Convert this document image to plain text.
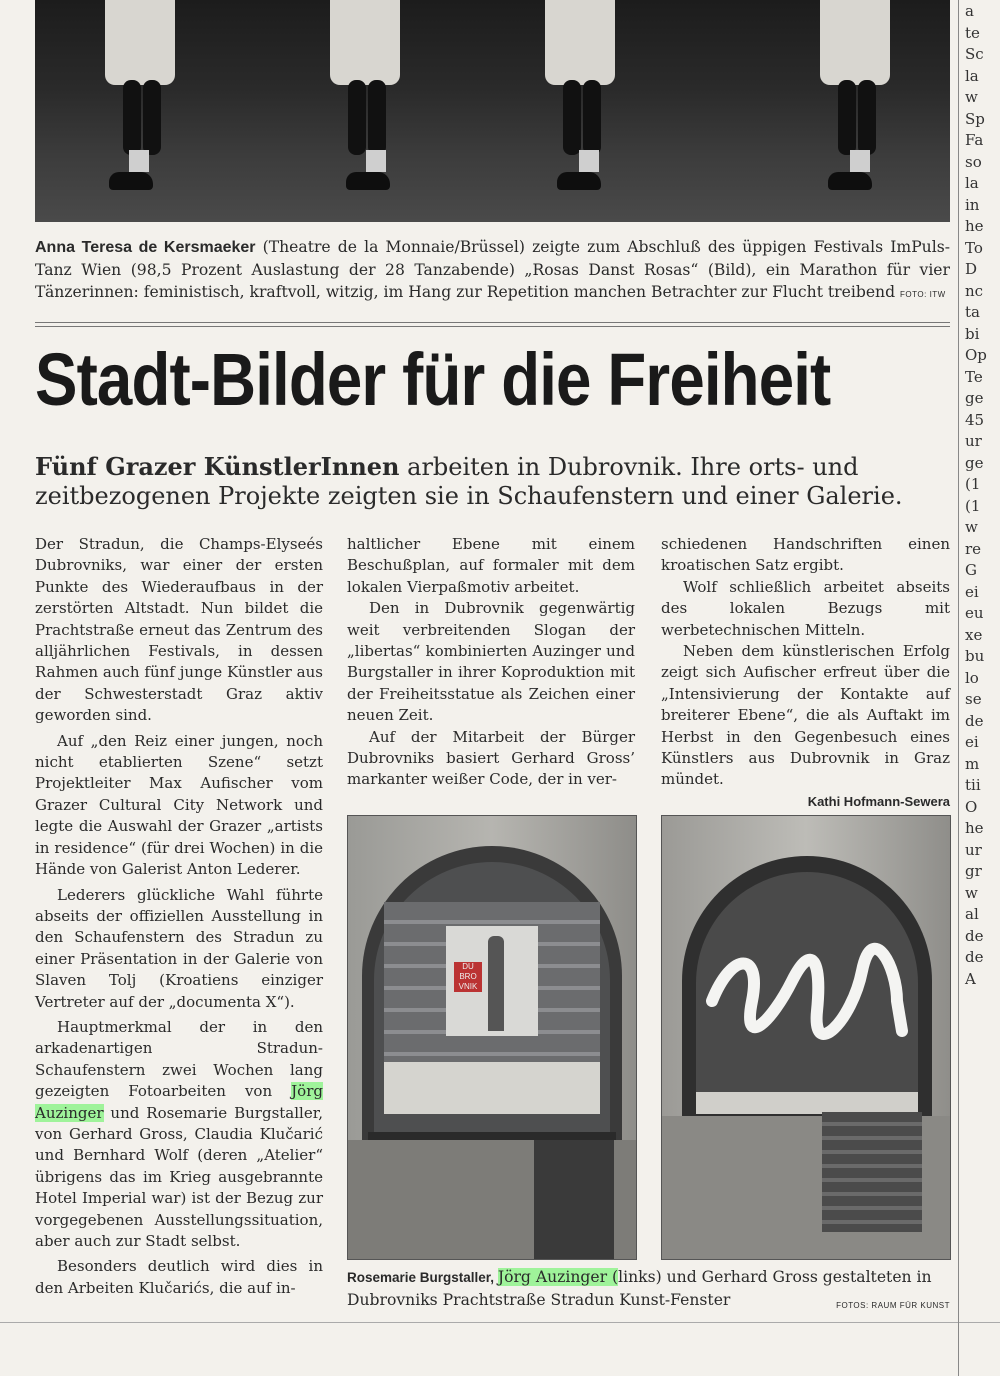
Anna Teresa de Kersmaeker (Theatre de la Monnaie/Brüssel) zeigte zum Abschluß des üppigen Festivals ImPuls-Tanz Wien (98,5 Prozent Auslastung der 28 Tanzabende) „Rosas Danst Rosas“ (Bild), ein Marathon für vier Tänzerinnen: feministisch, kraftvoll, witzig, im Hang zur Repetition manchen Betrachter zur Flucht treibend FOTO: ITW
Stadt-Bilder für die Freiheit
Fünf Grazer KünstlerInnen arbeiten in Dubrovnik. Ihre orts- und zeitbezogenen Projekte zeigten sie in Schaufenstern und einer Galerie.

Der Stradun, die Champs-Elyseés Dubrovniks, war einer der ersten Punkte des Wiederaufbaus in der zerstörten Altstadt. Nun bildet die Prachtstraße erneut das Zentrum des alljährlichen Festivals, in dessen Rahmen auch fünf junge Künstler aus der Schwesterstadt Graz aktiv geworden sind.

Auf „den Reiz einer jungen, noch nicht etablierten Szene“ setzt Projektleiter Max Aufischer vom Grazer Cultural City Network und legte die Auswahl der Grazer „artists in residence“ (für drei Wochen) in die Hände von Galerist Anton Lederer.

Lederers glückliche Wahl führte abseits der offiziellen Ausstellung in den Schaufenstern des Stradun zu einer Präsentation in der Galerie von Slaven Tolj (Kroatiens einziger Vertreter auf der „documenta X“).

Hauptmerkmal der in den arkadenartigen Stradun-Schaufenstern zwei Wochen lang gezeigten Fotoarbeiten von Jörg Auzinger und Rosemarie Burgstaller, von Gerhard Gross, Claudia Klučarić und Bernhard Wolf (deren „Atelier“ übrigens das im Krieg ausgebrannte Hotel Imperial war) ist der Bezug zur vorgegebenen Ausstellungssituation, aber auch zur Stadt selbst.

Besonders deutlich wird dies in den Arbeiten Klučarićs, die auf in-

haltlicher Ebene mit einem Beschußplan, auf formaler mit dem lokalen Vierpaßmotiv arbeitet.

Den in Dubrovnik gegenwärtig weit verbreitenden Slogan der „libertas“ kombinierten Auzinger und Burgstaller in ihrer Koproduktion mit der Freiheitsstatue als Zeichen einer neuen Zeit.

Auf der Mitarbeit der Bürger Dubrovniks basiert Gerhard Gross’ markanter weißer Code, der in ver-

schiedenen Handschriften einen kroatischen Satz ergibt.

Wolf schließlich arbeitet abseits des lokalen Bezugs mit werbetechnischen Mitteln.

Neben dem künstlerischen Erfolg zeigt sich Aufischer erfreut über die „Intensivierung der Kontakte auf breiterer Ebene“, die als Auftakt im Herbst in den Gegenbesuch eines Künstlers aus Dubrovnik in Graz mündet.

Kathi Hofmann-Sewera
DU BRO VNIK
Rosemarie Burgstaller, Jörg Auzinger (links) und Gerhard Gross gestalteten in Dubrovniks Prachtstraße Stradun Kunst-Fenster	FOTOS: RAUM FÜR KUNST
a
te
Sc
la
w
Sp
Fa
so
la
in
he
To
D
nc
ta
bi
Op
Te
ge
45
ur
ge
(1
(1
w
re
G
ei
eu
xe
bu
lo
se
de
ei
m
tii
O
he
ur
gr
w
al
de
de
A
